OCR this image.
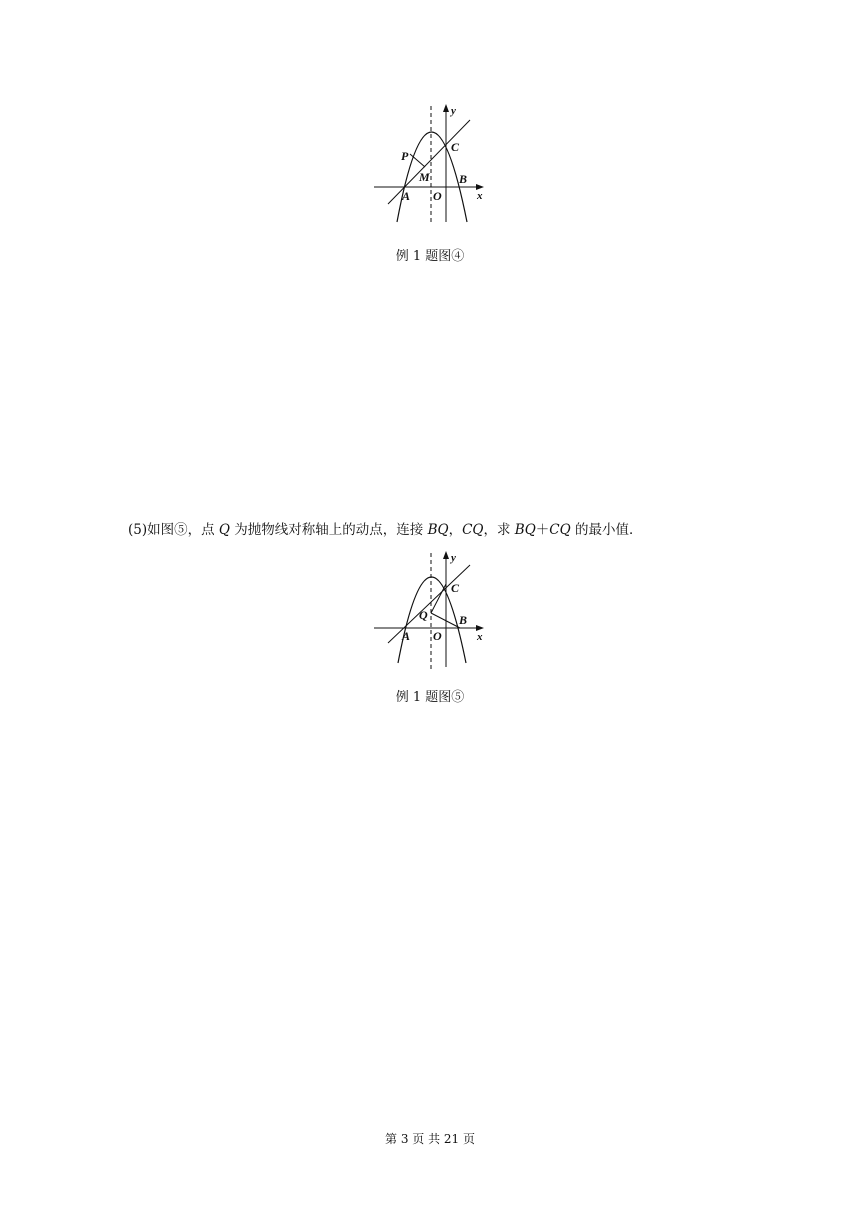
y
x
P
C
M B
A O
例 1 题图④
(5)如图⑤，点 Q 为抛物线对称轴上的动点，连接 BQ，CQ，求 BQ＋CQ 的最小值．
y
x
C
Q	B
A O
例 1 题图⑤
第 3 页 共 21 页
